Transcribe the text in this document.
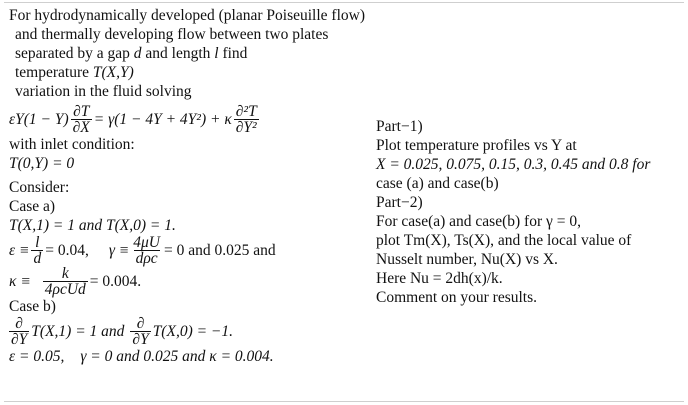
For hydrodynamically developed (planar Poiseuille flow)
and thermally developing flow between two plates
separated by a gap d and length l find
temperature T(X,Y)
variation in the fluid solving
$\varepsilon Y(1 - Y) \frac{\partial T}{\partial X} = \gamma(1 - 4Y + 4Y^2) + \kappa \frac{\text{∂²T}}{\text{∂Y²}}$
with inlet condition:
T(0,Y) = 0
Consider:
Case a)
T(X,1) = 1 and T(X,0) = 1.
$\varepsilon \equiv \frac{l}{d} = 0.04$, $\gamma \equiv \frac{4\mu U}{\text{dρc}} = 0$ and 0.025 and
$\kappa \equiv \frac{k}{\text{4ρcUd}} = 0.004$.
Case b)
$\frac{\partial}{\partial Y} T(X,1) = 1$ and $\frac{\partial}{\partial Y} T(X,0) = -1$.
ε = 0.05, γ = 0 and 0.025 and κ = 0.004.
Part−1)
Plot temperature profiles vs Y at
X = 0.025, 0.075, 0.15, 0.3, 0.45 and 0.8 for
case (a) and case(b)
Part−2)
For case(a) and case(b) for γ = 0,
plot Tm(X), Ts(X), and the local value of
Nusselt number, Nu(X) vs X.
Here Nu = 2dh(x)/k.
Comment on your results.
